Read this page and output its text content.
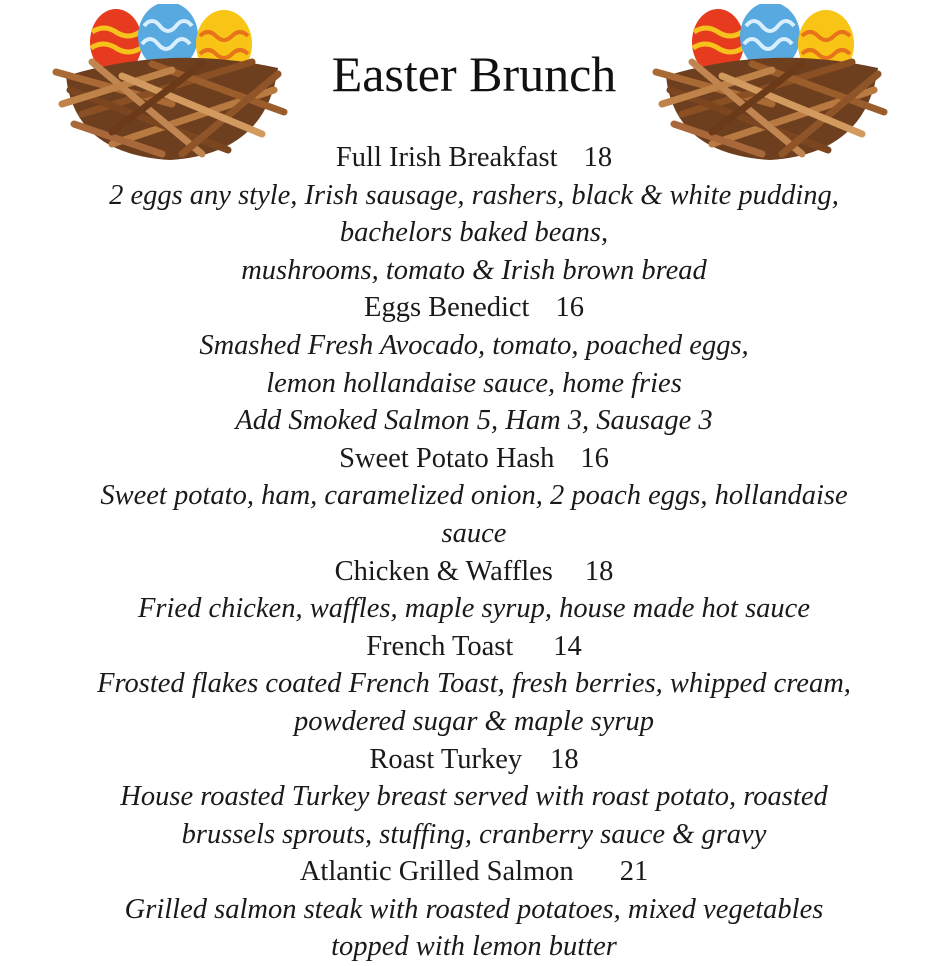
Easter Brunch
Full Irish Breakfast 18
2 eggs any style, Irish sausage, rashers, black & white pudding,
bachelors baked beans,
mushrooms, tomato & Irish brown bread
Eggs Benedict 16
Smashed Fresh Avocado, tomato, poached eggs,
lemon hollandaise sauce, home fries
Add Smoked Salmon 5, Ham 3, Sausage 3
Sweet Potato Hash 16
Sweet potato, ham, caramelized onion, 2 poach eggs, hollandaise
sauce
Chicken & Waffles 18
Fried chicken, waffles, maple syrup, house made hot sauce
French Toast 14
Frosted flakes coated French Toast, fresh berries, whipped cream,
powdered sugar & maple syrup
Roast Turkey 18
House roasted Turkey breast served with roast potato, roasted
brussels sprouts, stuffing, cranberry sauce & gravy
Atlantic Grilled Salmon 21
Grilled salmon steak with roasted potatoes, mixed vegetables
topped with lemon butter
